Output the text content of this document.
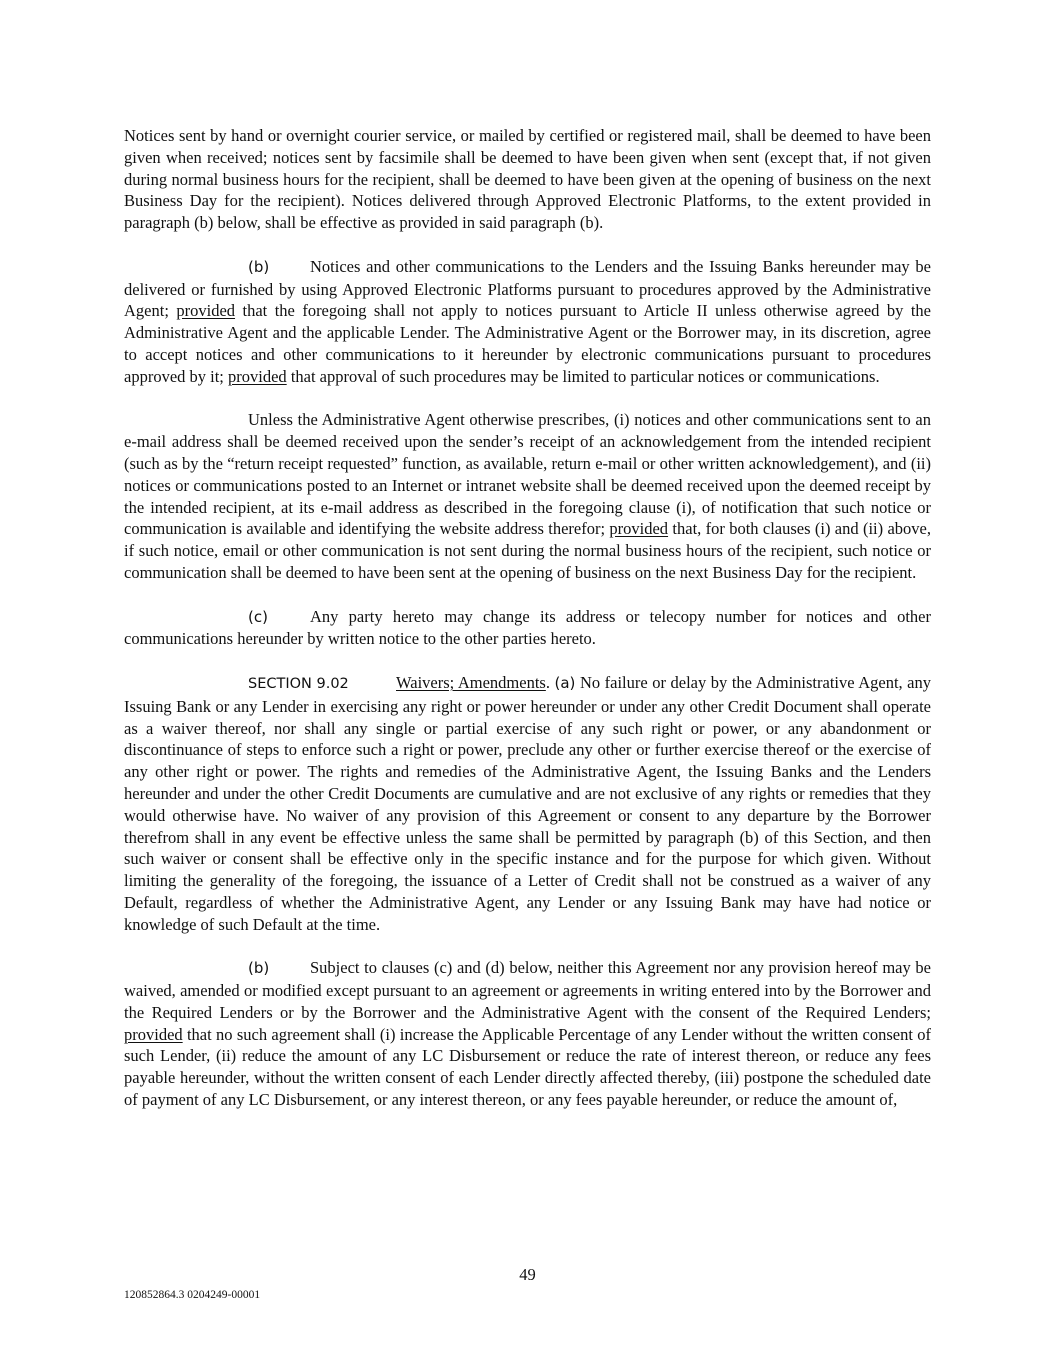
Notices sent by hand or overnight courier service, or mailed by certified or registered mail, shall be deemed to have been given when received; notices sent by facsimile shall be deemed to have been given when sent (except that, if not given during normal business hours for the recipient, shall be deemed to have been given at the opening of business on the next Business Day for the recipient). Notices delivered through Approved Electronic Platforms, to the extent provided in paragraph (b) below, shall be effective as provided in said paragraph (b).

(b) Notices and other communications to the Lenders and the Issuing Banks hereunder may be delivered or furnished by using Approved Electronic Platforms pursuant to procedures approved by the Administrative Agent; provided that the foregoing shall not apply to notices pursuant to Article II unless otherwise agreed by the Administrative Agent and the applicable Lender. The Administrative Agent or the Borrower may, in its discretion, agree to accept notices and other communications to it hereunder by electronic communications pursuant to procedures approved by it; provided that approval of such procedures may be limited to particular notices or communications.

Unless the Administrative Agent otherwise prescribes, (i) notices and other communications sent to an e-mail address shall be deemed received upon the sender’s receipt of an acknowledgement from the intended recipient (such as by the “return receipt requested” function, as available, return e-mail or other written acknowledgement), and (ii) notices or communications posted to an Internet or intranet website shall be deemed received upon the deemed receipt by the intended recipient, at its e-mail address as described in the foregoing clause (i), of notification that such notice or communication is available and identifying the website address therefor; provided that, for both clauses (i) and (ii) above, if such notice, email or other communication is not sent during the normal business hours of the recipient, such notice or communication shall be deemed to have been sent at the opening of business on the next Business Day for the recipient.

(c)	Any party hereto may change its address or telecopy number for notices and other communications hereunder by written notice to the other parties hereto.

SECTION 9.02	Waivers; Amendments. (a) No failure or delay by the Administrative Agent, any Issuing Bank or any Lender in exercising any right or power hereunder or under any other Credit Document shall operate as a waiver thereof, nor shall any single or partial exercise of any such right or power, or any abandonment or discontinuance of steps to enforce such a right or power, preclude any other or further exercise thereof or the exercise of any other right or power. The rights and remedies of the Administrative Agent, the Issuing Banks and the Lenders hereunder and under the other Credit Documents are cumulative and are not exclusive of any rights or remedies that they would otherwise have. No waiver of any provision of this Agreement or consent to any departure by the Borrower therefrom shall in any event be effective unless the same shall be permitted by paragraph (b) of this Section, and then such waiver or consent shall be effective only in the specific instance and for the purpose for which given. Without limiting the generality of the foregoing, the issuance of a Letter of Credit shall not be construed as a waiver of any Default, regardless of whether the Administrative Agent, any Lender or any Issuing Bank may have had notice or knowledge of such Default at the time.

(b) Subject to clauses (c) and (d) below, neither this Agreement nor any provision hereof may be waived, amended or modified except pursuant to an agreement or agreements in writing entered into by the Borrower and the Required Lenders or by the Borrower and the Administrative Agent with the consent of the Required Lenders; provided that no such agreement shall (i) increase the Applicable Percentage of any Lender without the written consent of such Lender, (ii) reduce the amount of any LC Disbursement or reduce the rate of interest thereon, or reduce any fees payable hereunder, without the written consent of each Lender directly affected thereby, (iii) postpone the scheduled date of payment of any LC Disbursement, or any interest thereon, or any fees payable hereunder, or reduce the amount of,

49
120852864.3 0204249-00001
